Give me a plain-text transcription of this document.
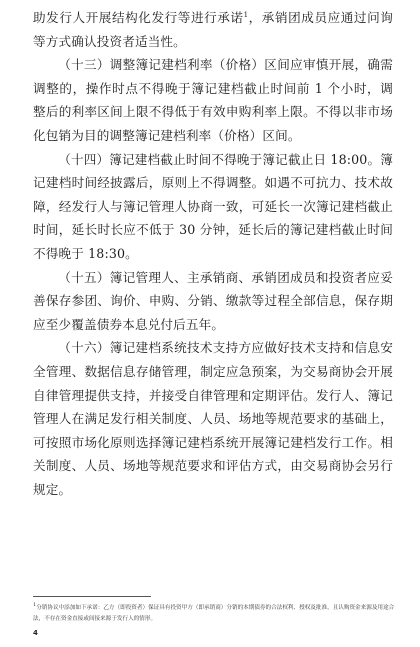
助发行人开展结构化发行等进行承诺$^1$，承销团成员应通过问询等方式确认投资者适当性。

（十三）调整簿记建档利率（价格）区间应审慎开展，确需调整的，操作时点不得晚于簿记建档截止时间前 1 个小时，调整后的利率区间上限不得低于有效申购利率上限。不得以非市场化包销为目的调整簿记建档利率（价格）区间。

（十四）簿记建档截止时间不得晚于簿记截止日 18:00。簿记建档时间经披露后，原则上不得调整。如遇不可抗力、技术故障，经发行人与簿记管理人协商一致，可延长一次簿记建档截止时间，延长时长应不低于 30 分钟，延长后的簿记建档截止时间不得晚于 18:30。

（十五）簿记管理人、主承销商、承销团成员和投资者应妥善保存参团、询价、申购、分销、缴款等过程全部信息，保存期应至少覆盖债券本息兑付后五年。

（十六）簿记建档系统技术支持方应做好技术支持和信息安全管理、数据信息存储管理，制定应急预案，为交易商协会开展自律管理提供支持，并接受自律管理和定期评估。发行人、簿记管理人在满足发行相关制度、人员、场地等规范要求的基础上，可按照市场化原则选择簿记建档系统开展簿记建档发行工作。相关制度、人员、场地等规范要求和评估方式，由交易商协会另行规定。

1分销协议中添加如下承诺：乙方（即投资者）保证具有投资甲方（即承销商）分销的本期债券的合法权利、授权及批准，且认购资金来源及用途合法，不存在资金直接或间接来源于发行人的情形。

4
